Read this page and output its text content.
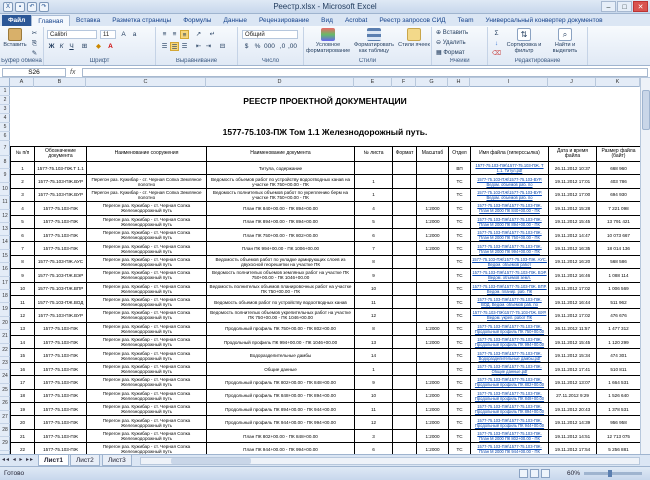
X	▪	↶	↷	Реестр.xlsx - Microsoft Excel	–	□	✕
Файл	Главная	Вставка	Разметка страницы	Формулы	Данные	Рецензирование	Вид	Acrobat	Реестр запросов СИД	Team	Универсальный конвертер документов
Вставить
✂
⎘
✎
Буфер обмена
Calibri	11	A	a
Ж К Ч	⊞	◆	A
Шрифт
≡ ≡ ≡	↗ ↵
☰ ☰ ☰ ⇤ ⇥ ⊟
Выравнивание
Общий
$ % 000 ,0 ,00
Число
Условное форматирование
Форматировать как таблицу
Стили ячеек
Стили
⊕ Вставить
⊖ Удалить
▦ Формат
Ячейки
Σ
↓
⌫
⇅
Сортировка и фильтр
⌕
Найти и выделить
Редактирование
S26	fx
A	B	C	D	E	F	G	H	I	J	K
1
2
3
4
5
6
7
8
9
10
11
12
13
14
15
16
17
18
19
20
21
22
23
24
25
26
27
28
29
РЕЕСТР ПРОЕКТНОЙ ДОКУМЕНТАЦИИ
1577-75.103-ПЖ Том 1.1 Железнодорожный путь.
№ п/п	Обозначение документа	Наименование сооружения	Наименование документа	№ листа	Формат	Масштаб	Отдел	Имя файла (гиперссылка)	Дата и время файла	Размер файла (байт)
1	1577-75.103-ПЖ.Т 1.1		Титула, содержание				ВП	1577-75.103-ПЖ\1577-75.103-ПЖ. Т 1.1. Титул.pdf	26.11.2012 10:37	668 960
2	1577-75.103-ПЖ.ВУР	Перегон раз. Кужибар - ст. Черная Сопка Земляное полотно	Ведомость объемов работ по устройству водоотводных канав на участке ПК 750+00.00 - ПК	1			ТС	1577-75.103-ПЖ\1577-75.103-ВУР. Ведом. объемов раб. по	19.11.2012 17:01	403 786
3	1577-75.103-ПЖ.ВУР	Перегон раз. Кужибар - ст. Черная Сопка Земляное полотно	Ведомость полнителых объемов работ по укреплению берм на участке ПК 750+00.00 - ПК	1			ТС	1577-75.103-ПЖ\1577-75.103-ВУР. Ведом. объемов раб. по	19.11.2012 17:00	694 930
4	1577-75.103-ПЖ	Перегон раз. Кужибар - ст. Черная Сопка Железнодорожный путь	План ПК 840+00.00 - ПК 894+00.00	4		1:2000	ТС	1577-75.103-ПЖ\1577-75.103-ПЖ. План М 2000 ПК 840+00.00 - ПК	19.11.2012 15:28	7 221 098
5	1577-75.103-ПЖ	Перегон раз. Кужибар - ст. Черная Сопка Железнодорожный путь	План ПК 894+00.00 - ПК 894+00.00	5		1:2000	ТС	1577-75.103-ПЖ\1577-75.103-ПЖ. План М 2000 ПК 894+00.00 - ПК	19.11.2012 15:45	13 791 421
6	1577-75.103-ПЖ	Перегон раз. Кужибар - ст. Черная Сопка Железнодорожный путь	План ПК 750+00.00 - ПК 802+00.00	6		1:2000	ТС	1577-75.103-ПЖ\1577-75.103-ПЖ. План М 2000 ПК 750+00.00 - ПК	19.11.2012 14:47	10 073 667
7	1577-75.103-ПЖ	Перегон раз. Кужибар - ст. Черная Сопка Железнодорожный путь	План ПК 994+00.00 - ПК 1006+00.00	7		1:2000	ТС	1577-75.103-ПЖ\1577-75.103-ПЖ. План М 2000 ПК 994+00.00 - ПК	19.11.2012 16:35	18 014 136
8	1577-75.103-ПЖ.АУС	Перегон раз. Кужибар - ст. Черная Сопка Железнодорожный путь	Ведомость объемов работ по укладке армирующих слоев из двухосной георешетки на участке ПК	8			ТС	1577-75.103-ПЖ\1577-75.103-ПЖ. АУС. Ведом. объемов работ	19.11.2012 16:20	568 586
9	1577-75.103-ПЖ.ВЭР	Перегон раз. Кужибар - ст. Черная Сопка Железнодорожный путь	Ведомость полнителых объемов земляных работ на участке ПК 750+00.00 - ПК 1046+00.00	9			ТС	1577-75.103-ПЖ\1577-75.103-ПЖ. ВЭР. Ведом. объемов земл.	19.11.2012 16:46	1 088 114
10	1577-75.103-ПЖ.ВПР	Перегон раз. Кужибар - ст. Черная Сопка Железнодорожный путь	Ведомость полнителых объемов планировочных работ на участке ПК 750+00.00 - ПК	10			ТС	1577-75.103-ПЖ\1577-75.103-ПЖ. ВПР. Ведом. планир. раб. ПК	19.11.2012 17:02	1 006 569
11	1577-75.103-ПЖ.ВОД	Перегон раз. Кужибар - ст. Черная Сопка Железнодорожный путь	Ведомость объемов работ по устройству водоотводных канав	11			ТС	1577-75.103-ПЖ\1577-75.103-ПЖ. ВОД. Ведом. объемов раб. по	19.11.2012 16:44	511 962
12	1577-75.103-ПЖ.ВУР	Перегон раз. Кужибар - ст. Черная Сопка Железнодорожный путь	Ведомость полнителых объемов укрепительных работ на участке ПК 750+00.00 - ПК 1046+00.00	12			ТС	1577-75.103-ПЖ\1577-75.103-ПЖ. ВУР. Ведом. укреп. работ ПК	19.11.2012 17:02	476 676
13	1577-75.103-ПЖ	Перегон раз. Кужибар - ст. Черная Сопка Железнодорожный путь	Продольный профиль ПК 750+00.00 - ПК 802+00.00	8		1:2000	ТС	1577-75.103-ПЖ\1577-75.103-ПЖ. Продольный профиль ПК 750+00.00	26.11.2012 11:57	1 477 312
14	1577-75.103-ПЖ	Перегон раз. Кужибар - ст. Черная Сопка Железнодорожный путь	Продольный профиль ПК 994+00.00 - ПК 1046+00.00	13		1:2000	ТС	1577-75.103-ПЖ\1577-75.103-ПЖ. Продольный профиль ПК 994+00.00	19.11.2012 15:45	1 120 299
15	1577-75.103-ПЖ	Перегон раз. Кужибар - ст. Черная Сопка Железнодорожный путь	Водоразделительные дамбы	14			ТС	1577-75.103-ПЖ\1577-75.103-ПЖ. Водоразделительные дамбы.pdf	19.11.2012 15:34	474 301
16	1577-75.103-ПЖ	Перегон раз. Кужибар - ст. Черная Сопка Железнодорожный путь	Общие данные	1			ТС	1577-75.103-ПЖ\1577-75.103-ПЖ. Общие данные.pdf	19.11.2012 17:41	510 811
17	1577-75.103-ПЖ	Перегон раз. Кужибар - ст. Черная Сопка Железнодорожный путь	Продольный профиль ПК 802+00.00 - ПК 848+00.00	9		1:2000	ТС	1577-75.103-ПЖ\1577-75.103-ПЖ. Продольный профиль ПК 802+00.00	19.11.2012 13:07	1 664 531
18	1577-75.103-ПЖ	Перегон раз. Кужибар - ст. Черная Сопка Железнодорожный путь	Продольный профиль ПК 848+00.00 - ПК 894+00.00	10		1:2000	ТС	1577-75.103-ПЖ\1577-75.103-ПЖ. Продольный профиль ПК 848+00.00	27.11.2012 9:29	1 526 640
19	1577-75.103-ПЖ	Перегон раз. Кужибар - ст. Черная Сопка Железнодорожный путь	Продольный профиль ПК 894+00.00 - ПК 944+00.00	11		1:2000	ТС	1577-75.103-ПЖ\1577-75.103-ПЖ. Продольный профиль ПК 894+00.00	19.11.2012 20:43	1 378 531
20	1577-75.103-ПЖ	Перегон раз. Кужибар - ст. Черная Сопка Железнодорожный путь	Продольный профиль ПК 944+00.00 - ПК 994+00.00	12		1:2000	ТС	1577-75.103-ПЖ\1577-75.103-ПЖ. Продольный профиль ПК 944+00.00	19.11.2012 14:39	956 958
21	1577-75.103-ПЖ	Перегон раз. Кужибар - ст. Черная Сопка Железнодорожный путь	План ПК 802+00.00 - ПК 848+00.00	3		1:2000	ТС	1577-75.103-ПЖ\1577-75.103-ПЖ. План М 2000 ПК 802+00.00 - ПК	19.11.2012 14:51	12 713 075
22	1577-75.103-ПЖ	Перегон раз. Кужибар - ст. Черная Сопка Железнодорожный путь	План ПК 944+00.00 - ПК 994+00.00	6		1:2000	ТС	1577-75.103-ПЖ\1577-75.103-ПЖ. План М 2000 ПК 944+00.00 - ПК	19.11.2012 17:54	5 256 881
◂◂ ◂ ▸ ▸▸	Лист1	Лист2	Лист3
Готово	60%
